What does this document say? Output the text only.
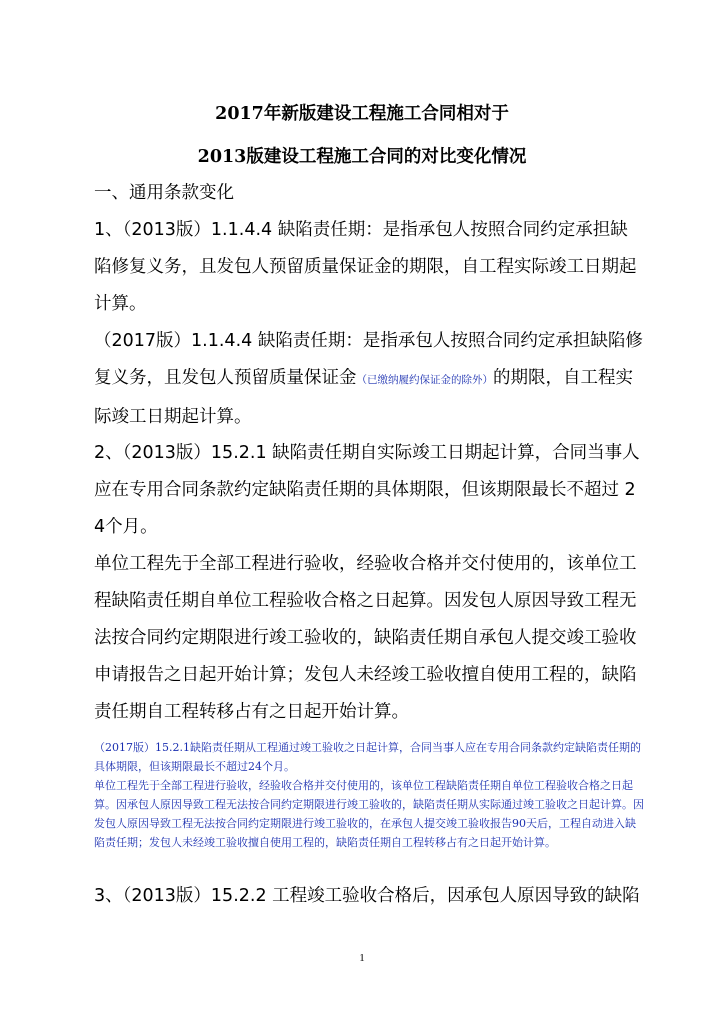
2017年新版建设工程施工合同相对于
2013版建设工程施工合同的对比变化情况
一、通用条款变化
1、（2013版）1.1.4.4 缺陷责任期：是指承包人按照合同约定承担缺陷修复义务，且发包人预留质量保证金的期限，自工程实际竣工日期起计算。
（2017版）1.1.4.4 缺陷责任期：是指承包人按照合同约定承担缺陷修复义务，且发包人预留质量保证金（已缴纳履约保证金的除外）的期限，自工程实际竣工日期起计算。
2、（2013版）15.2.1 缺陷责任期自实际竣工日期起计算，合同当事人应在专用合同条款约定缺陷责任期的具体期限，但该期限最长不超过 24个月。
单位工程先于全部工程进行验收，经验收合格并交付使用的，该单位工程缺陷责任期自单位工程验收合格之日起算。因发包人原因导致工程无法按合同约定期限进行竣工验收的，缺陷责任期自承包人提交竣工验收申请报告之日起开始计算；发包人未经竣工验收擅自使用工程的，缺陷责任期自工程转移占有之日起开始计算。
（2017版）15.2.1缺陷责任期从工程通过竣工验收之日起计算，合同当事人应在专用合同条款约定缺陷责任期的具体期限，但该期限最长不超过24个月。
单位工程先于全部工程进行验收，经验收合格并交付使用的，该单位工程缺陷责任期自单位工程验收合格之日起算。因承包人原因导致工程无法按合同约定期限进行竣工验收的，缺陷责任期从实际通过竣工验收之日起计算。因发包人原因导致工程无法按合同约定期限进行竣工验收的，在承包人提交竣工验收报告90天后，工程自动进入缺陷责任期；发包人未经竣工验收擅自使用工程的，缺陷责任期自工程转移占有之日起开始计算。
3、（2013版）15.2.2 工程竣工验收合格后，因承包人原因导致的缺陷
1
